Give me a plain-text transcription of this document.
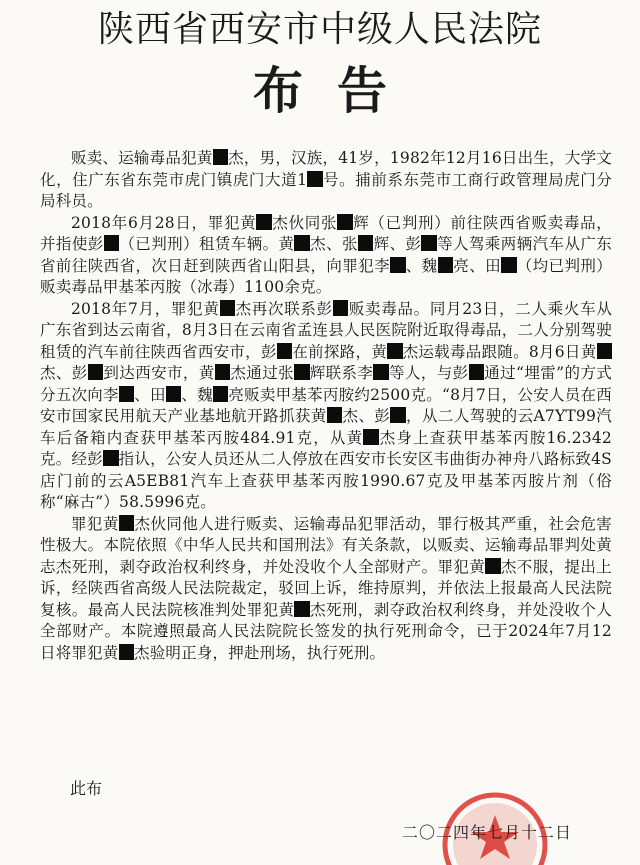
陕西省西安市中级人民法院
布告

贩卖、运输毒品犯黄 杰，男，汉族，41岁，1982年12月16日出生，大学文化，住广东省东莞市虎门镇虎门大道1 号。捕前系东莞市工商行政管理局虎门分局科员。

2018年6月28日，罪犯黄 杰伙同张 辉（已判刑）前往陕西省贩卖毒品，并指使彭 （已判刑）租赁车辆。黄 杰、张 辉、彭 等人驾乘两辆汽车从广东省前往陕西省，次日赶到陕西省山阳县，向罪犯李 、魏 亮、田 （均已判刑）贩卖毒品甲基苯丙胺（冰毒）1100余克。

2018年7月，罪犯黄 杰再次联系彭 贩卖毒品。同月23日，二人乘火车从广东省到达云南省，8月3日在云南省孟连县人民医院附近取得毒品，二人分别驾驶租赁的汽车前往陕西省西安市，彭 在前探路，黄 杰运载毒品跟随。8月6日黄杰、彭 到达西安市，黄 杰通过张 辉联系李 等人，与彭 通过“埋雷”的方式分五次向李 、田 、魏 亮贩卖甲基苯丙胺约2500克。“8月7日，公安人员在西安市国家民用航天产业基地航开路抓获黄 杰、彭 ，从二人驾驶的云A7YT99汽车后备箱内查获甲基苯丙胺484.91克，从黄 杰身上查获甲基苯丙胺16.2342克。经彭 指认，公安人员还从二人停放在西安市长安区韦曲街办神舟八路标致4S店门前的云A5EB81汽车上查获甲基苯丙胺1990.67克及甲基苯丙胺片剂（俗称“麻古”）58.5996克。

罪犯黄 杰伙同他人进行贩卖、运输毒品犯罪活动，罪行极其严重，社会危害性极大。本院依照《中华人民共和国刑法》有关条款，以贩卖、运输毒品罪判处黄志杰死刑，剥夺政治权利终身，并处没收个人全部财产。罪犯黄 杰不服，提出上诉，经陕西省高级人民法院裁定，驳回上诉，维持原判，并依法上报最高人民法院复核。最高人民法院核准判处罪犯黄 杰死刑，剥夺政治权利终身，并处没收个人全部财产。本院遵照最高人民法院院长签发的执行死刑命令，已于2024年7月12日将罪犯黄 杰验明正身，押赴刑场，执行死刑。

此布
二〇二四年七月十二日
